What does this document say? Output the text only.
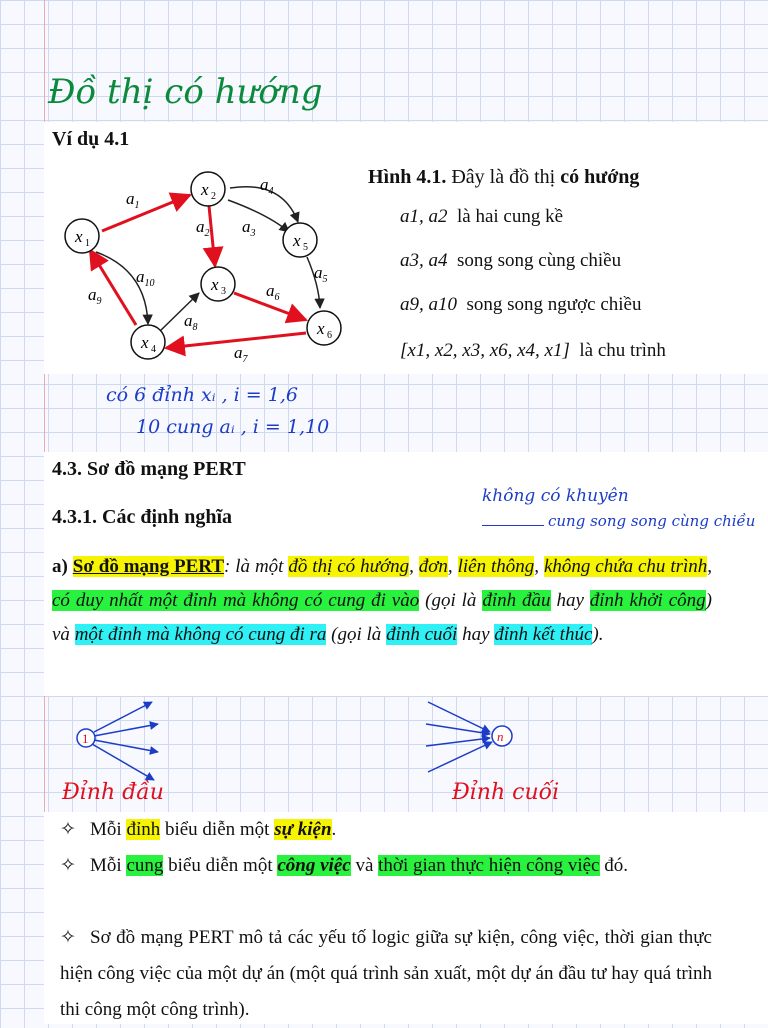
Đồ thị có hướng
Ví dụ 4.1
x 1
x 2
x 3
x 4
x 5
x 6
$a_1$
$a_2$ $a_3$
$a_4$
$a_5$
$a_6$
$a_7$
$a_8$
$a_9$
$a_{10}$
Hình 4.1. Đây là đồ thị có hướng
a1, a2 là hai cung kề
a3, a4 song song cùng chiều
a9, a10 song song ngược chiều
[x1, x2, x3, x6, x4, x1] là chu trình
có 6 đỉnh xᵢ , i = 1,6
10 cung aᵢ , i = 1,10
4.3. Sơ đồ mạng PERT
4.3.1. Các định nghĩa
không có khuyên
cung song song cùng chiều
a) Sơ đồ mạng PERT: là một đồ thị có hướng, đơn, liên thông, không chứa chu trình, có duy nhất một đỉnh mà không có cung đi vào (gọi là đỉnh đầu hay đỉnh khởi công) và một đỉnh mà không có cung đi ra (gọi là đỉnh cuối hay đỉnh kết thúc).
1	n
Đỉnh đầu	Đỉnh cuối
✧ Mỗi đỉnh biểu diễn một sự kiện.
✧ Mỗi cung biểu diễn một công việc và thời gian thực hiện công việc đó.
✧ Sơ đồ mạng PERT mô tả các yếu tố logic giữa sự kiện, công việc, thời gian thực hiện công việc của một dự án (một quá trình sản xuất, một dự án đầu tư hay quá trình thi công một công trình).
